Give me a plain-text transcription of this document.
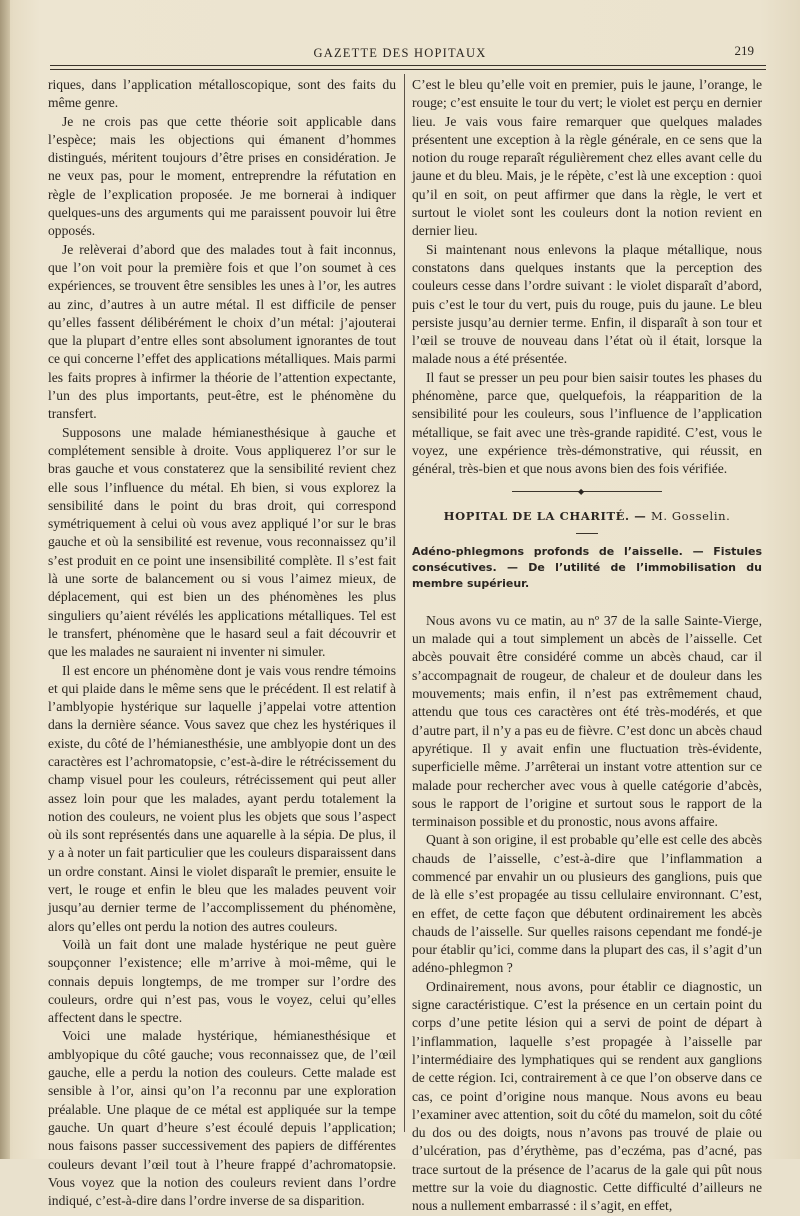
GAZETTE DES HOPITAUX	219

riques, dans l’application métalloscopique, sont des faits du même genre.

Je ne crois pas que cette théorie soit applicable dans l’espèce; mais les objections qui émanent d’hommes distingués, méritent toujours d’être prises en considération. Je ne veux pas, pour le moment, entreprendre la réfutation en règle de l’explication proposée. Je me bornerai à indiquer quelques-uns des arguments qui me paraissent pouvoir lui être opposés.

Je relèverai d’abord que des malades tout à fait inconnus, que l’on voit pour la première fois et que l’on soumet à ces expériences, se trouvent être sensibles les unes à l’or, les autres au zinc, d’autres à un autre métal. Il est difficile de penser qu’elles fassent délibérément le choix d’un métal: j’ajouterai que la plupart d’entre elles sont absolument ignorantes de tout ce qui concerne l’effet des applications métalliques. Mais parmi les faits propres à infirmer la théorie de l’attention expectante, l’un des plus importants, peut-être, est le phénomène du transfert.

Supposons une malade hémianesthésique à gauche et complétement sensible à droite. Vous appliquerez l’or sur le bras gauche et vous constaterez que la sensibilité revient chez elle sous l’influence du métal. Eh bien, si vous explorez la sensibilité dans le point du bras droit, qui correspond symétriquement à celui où vous avez appliqué l’or sur le bras gauche et où la sensibilité est revenue, vous reconnaissez qu’il s’est produit en ce point une insensibilité complète. Il s’est fait là une sorte de balancement ou si vous l’aimez mieux, de déplacement, qui est bien un des phénomènes les plus singuliers qu’aient révélés les applications métalliques. Tel est le transfert, phénomène que le hasard seul a fait découvrir et que les malades ne sauraient ni inventer ni simuler.

Il est encore un phénomène dont je vais vous rendre témoins et qui plaide dans le même sens que le précédent. Il est relatif à l’amblyopie hystérique sur laquelle j’appelai votre attention dans la dernière séance. Vous savez que chez les hystériques il existe, du côté de l’hémianesthésie, une amblyopie dont un des caractères est l’achromatopsie, c’est-à-dire le rétrécissement du champ visuel pour les couleurs, rétrécissement qui peut aller assez loin pour que les malades, ayant perdu totalement la notion des couleurs, ne voient plus les objets que sous l’aspect où ils sont représentés dans une aquarelle à la sépia. De plus, il y a à noter un fait particulier que les couleurs disparaissent dans un ordre constant. Ainsi le violet disparaît le premier, ensuite le vert, le rouge et enfin le bleu que les malades peuvent voir jusqu’au dernier terme de l’accomplissement du phénomène, alors qu’elles ont perdu la notion des autres couleurs.

Voilà un fait dont une malade hystérique ne peut guère soupçonner l’existence; elle m’arrive à moi-même, qui le connais depuis longtemps, de me tromper sur l’ordre des couleurs, ordre qui n’est pas, vous le voyez, celui qu’elles affectent dans le spectre.

Voici une malade hystérique, hémianesthésique et amblyopique du côté gauche; vous reconnaissez que, de l’œil gauche, elle a perdu la notion des couleurs. Cette malade est sensible à l’or, ainsi qu’on l’a reconnu par une exploration préalable. Une plaque de ce métal est appliquée sur la tempe gauche. Un quart d’heure s’est écoulé depuis l’application; nous faisons passer successivement des papiers de différentes couleurs devant l’œil tout à l’heure frappé d’achromatopsie. Vous voyez que la notion des couleurs revient dans l’ordre indiqué, c’est-à-dire dans l’ordre inverse de sa disparition.

C’est le bleu qu’elle voit en premier, puis le jaune, l’orange, le rouge; c’est ensuite le tour du vert; le violet est perçu en dernier lieu. Je vais vous faire remarquer que quelques malades présentent une exception à la règle générale, en ce sens que la notion du rouge reparaît régulièrement chez elles avant celle du jaune et du bleu. Mais, je le répète, c’est là une exception : quoi qu’il en soit, on peut affirmer que dans la règle, le vert et surtout le violet sont les couleurs dont la notion revient en dernier lieu.

Si maintenant nous enlevons la plaque métallique, nous constatons dans quelques instants que la perception des couleurs cesse dans l’ordre suivant : le violet disparaît d’abord, puis c’est le tour du vert, puis du rouge, puis du jaune. Le bleu persiste jusqu’au dernier terme. Enfin, il disparaît à son tour et l’œil se trouve de nouveau dans l’état où il était, lorsque la malade nous a été présentée.

Il faut se presser un peu pour bien saisir toutes les phases du phénomène, parce que, quelquefois, la réapparition de la sensibilité pour les couleurs, sous l’influence de l’application métallique, se fait avec une très-grande rapidité. C’est, vous le voyez, une expérience très-démonstrative, qui réussit, en général, très-bien et que nous avons bien des fois vérifiée.

◆
HOPITAL DE LA CHARITÉ. — M. Gosselin.
Adéno-phlegmons profonds de l’aisselle. — Fistules consécutives. — De l’utilité de l’immobilisation du membre supérieur.

Nous avons vu ce matin, au nº 37 de la salle Sainte-Vierge, un malade qui a tout simplement un abcès de l’aisselle. Cet abcès pouvait être considéré comme un abcès chaud, car il s’accompagnait de rougeur, de chaleur et de douleur dans les mouvements; mais enfin, il n’est pas extrêmement chaud, attendu que tous ces caractères ont été très-modérés, et que d’autre part, il n’y a pas eu de fièvre. C’est donc un abcès chaud apyrétique. Il y avait enfin une fluctuation très-évidente, superficielle même. J’arrêterai un instant votre attention sur ce malade pour rechercher avec vous à quelle catégorie d’abcès, sous le rapport de l’origine et surtout sous le rapport de la terminaison possible et du pronostic, nous avons affaire.

Quant à son origine, il est probable qu’elle est celle des abcès chauds de l’aisselle, c’est-à-dire que l’inflammation a commencé par envahir un ou plusieurs des ganglions, puis que de là elle s’est propagée au tissu cellulaire environnant. C’est, en effet, de cette façon que débutent ordinairement les abcès chauds de l’aisselle. Sur quelles raisons cependant me fondé-je pour établir qu’ici, comme dans la plupart des cas, il s’agit d’un adéno-phlegmon ?

Ordinairement, nous avons, pour établir ce diagnostic, un signe caractéristique. C’est la présence en un certain point du corps d’une petite lésion qui a servi de point de départ à l’inflammation, laquelle s’est propagée à l’aisselle par l’intermédiaire des lymphatiques qui se rendent aux ganglions de cette région. Ici, contrairement à ce que l’on observe dans ce cas, ce point d’origine nous manque. Nous avons eu beau l’examiner avec attention, soit du côté du mamelon, soit du côté du dos ou des doigts, nous n’avons pas trouvé de plaie ou d’ulcération, pas d’érythème, pas d’eczéma, pas d’acné, pas trace surtout de la présence de l’acarus de la gale qui pût nous mettre sur la voie du diagnostic. Cette difficulté d’ailleurs ne nous a nullement embarrassé : il s’agit, en effet,
